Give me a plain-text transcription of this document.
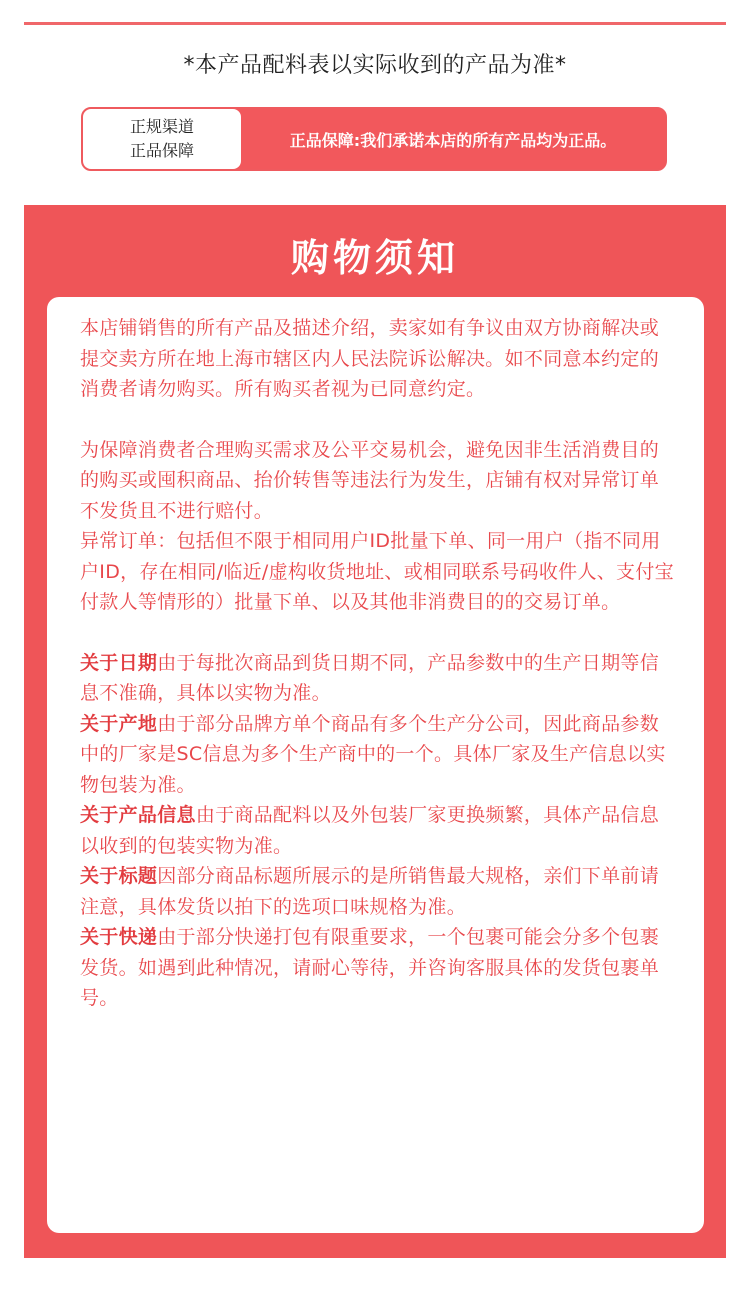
*本产品配料表以实际收到的产品为准*
正规渠道
正品保障
正品保障:我们承诺本店的所有产品均为正品。
购物须知

本店铺销售的所有产品及描述介绍，卖家如有争议由双方协商解决或提交卖方所在地上海市辖区内人民法院诉讼解决。如不同意本约定的消费者请勿购买。所有购买者视为已同意约定。

为保障消费者合理购买需求及公平交易机会，避免因非生活消费目的的购买或囤积商品、抬价转售等违法行为发生，店铺有权对异常订单不发货且不进行赔付。

异常订单：包括但不限于相同用户ID批量下单、同一用户（指不同用户ID，存在相同/临近/虚构收货地址、或相同联系号码收件人、支付宝付款人等情形的）批量下单、以及其他非消费目的的交易订单。

关于日期由于每批次商品到货日期不同，产品参数中的生产日期等信息不准确，具体以实物为准。

关于产地由于部分品牌方单个商品有多个生产分公司，因此商品参数中的厂家是SC信息为多个生产商中的一个。具体厂家及生产信息以实物包装为准。

关于产品信息由于商品配料以及外包装厂家更换频繁，具体产品信息以收到的包装实物为准。

关于标题因部分商品标题所展示的是所销售最大规格，亲们下单前请注意，具体发货以拍下的选项口味规格为准。

关于快递由于部分快递打包有限重要求，一个包裹可能会分多个包裹发货。如遇到此种情况，请耐心等待，并咨询客服具体的发货包裹单号。
